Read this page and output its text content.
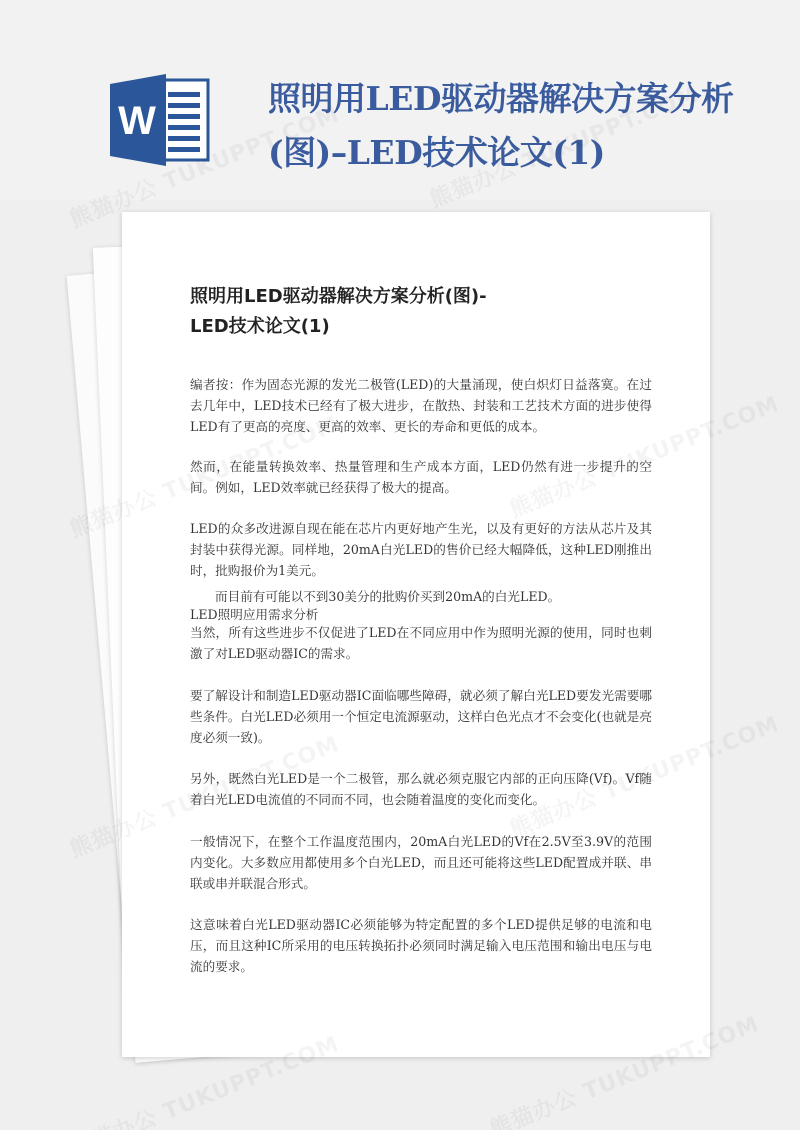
W
照明用LED驱动器解决方案分析(图)–LED技术论文(1)
照明用LED驱动器解决方案分析(图)-
LED技术论文(1)

编者按：作为固态光源的发光二极管(LED)的大量涌现，使白炽灯日益落寞。在过去几年中，LED技术已经有了极大进步，在散热、封装和工艺技术方面的进步使得LED有了更高的亮度、更高的效率、更长的寿命和更低的成本。

然而，在能量转换效率、热量管理和生产成本方面，LED仍然有进一步提升的空间。例如，LED效率就已经获得了极大的提高。

LED的众多改进源自现在能在芯片内更好地产生光，以及有更好的方法从芯片及其封装中获得光源。同样地，20mA白光LED的售价已经大幅降低，这种LED刚推出时，批购报价为1美元。

而目前有可能以不到30美分的批购价买到20mA的白光LED。

LED照明应用需求分析

当然，所有这些进步不仅促进了LED在不同应用中作为照明光源的使用，同时也刺激了对LED驱动器IC的需求。

要了解设计和制造LED驱动器IC面临哪些障碍，就必须了解白光LED要发光需要哪些条件。白光LED必须用一个恒定电流源驱动，这样白色光点才不会变化(也就是亮度必须一致)。

另外，既然白光LED是一个二极管，那么就必须克服它内部的正向压降(Vf)。Vf随着白光LED电流值的不同而不同，也会随着温度的变化而变化。

一般情况下，在整个工作温度范围内，20mA白光LED的Vf在2.5V至3.9V的范围内变化。大多数应用都使用多个白光LED，而且还可能将这些LED配置成并联、串联或串并联混合形式。

这意味着白光LED驱动器IC必须能够为特定配置的多个LED提供足够的电流和电压，而且这种IC所采用的电压转换拓扑必须同时满足输入电压范围和输出电压与电流的要求。
